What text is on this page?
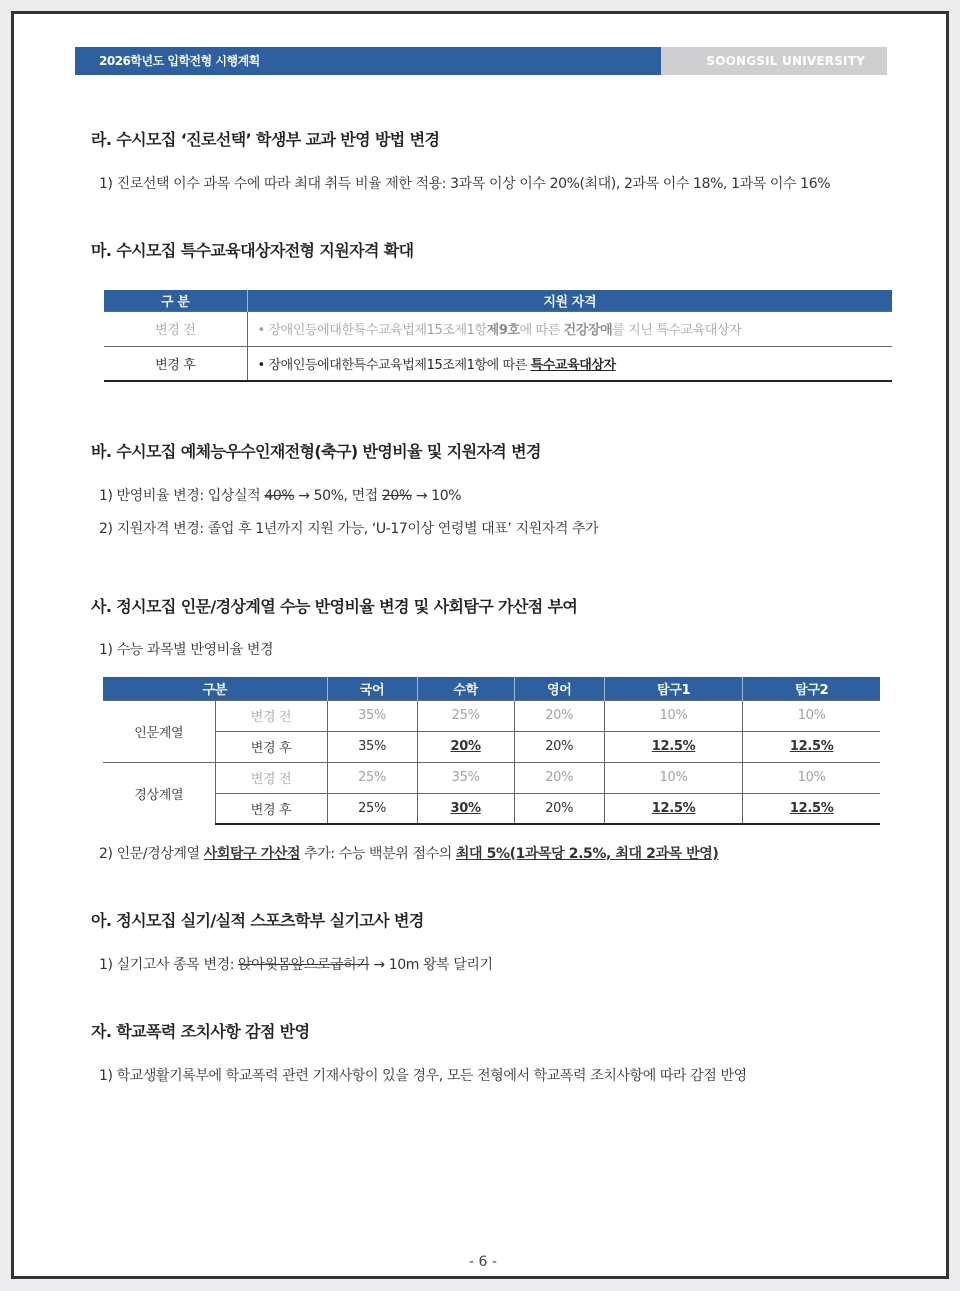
2026학년도 입학전형 시행계획	SOONGSIL UNIVERSITY
라. 수시모집 ‘진로선택’ 학생부 교과 반영 방법 변경
1) 진로선택 이수 과목 수에 따라 최대 취득 비율 제한 적용: 3과목 이상 이수 20%(최대), 2과목 이수 18%, 1과목 이수 16%
마. 수시모집 특수교육대상자전형 지원자격 확대
구 분	지원 자격
변경 전	• 장애인등에대한특수교육법제15조제1항제9호에 따른 건강장애를 지닌 특수교육대상자
변경 후	• 장애인등에대한특수교육법제15조제1항에 따른 특수교육대상자
바. 수시모집 예체능우수인재전형(축구) 반영비율 및 지원자격 변경
1) 반영비율 변경: 입상실적 40% → 50%, 면접 20% → 10%
2) 지원자격 변경: 졸업 후 1년까지 지원 가능, ‘U-17이상 연령별 대표’ 지원자격 추가
사. 정시모집 인문/경상계열 수능 반영비율 변경 및 사회탐구 가산점 부여
1) 수능 과목별 반영비율 변경
구분		국어	수학	영어	탐구1	탐구2
인문계열	변경 전	35%	25%	20%	10%	10%
	변경 후	35%	20%	20%	12.5%	12.5%
경상계열	변경 전	25%	35%	20%	10%	10%
	변경 후	25%	30%	20%	12.5%	12.5%
2) 인문/경상계열 사회탐구 가산점 추가: 수능 백분위 점수의 최대 5%(1과목당 2.5%, 최대 2과목 반영)
아. 정시모집 실기/실적 스포츠학부 실기고사 변경
1) 실기고사 종목 변경: 앉아윗몸앞으로굽히기 → 10m 왕복 달리기
자. 학교폭력 조치사항 감점 반영
1) 학교생활기록부에 학교폭력 관련 기재사항이 있을 경우, 모든 전형에서 학교폭력 조치사항에 따라 감점 반영
- 6 -
